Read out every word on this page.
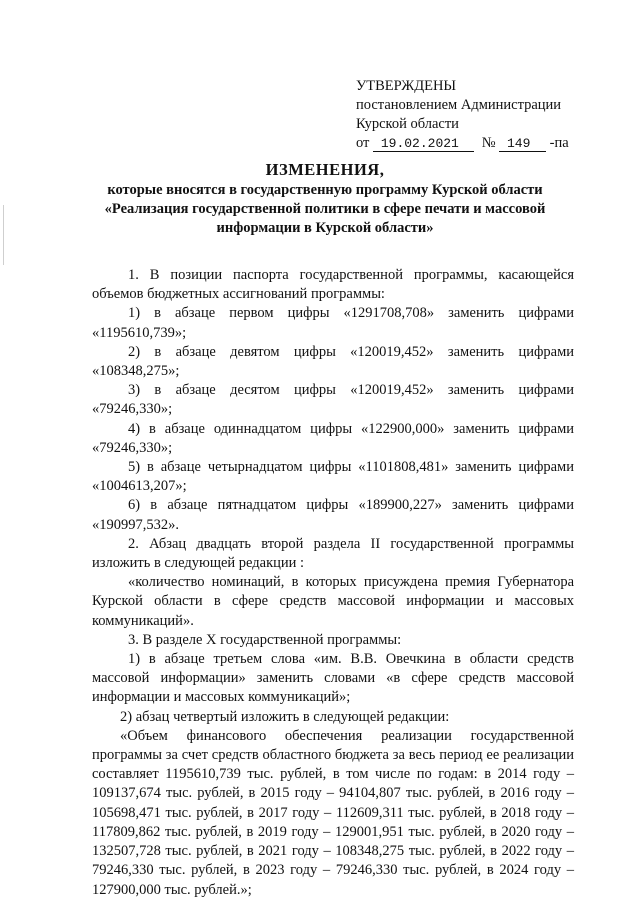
УТВЕРЖДЕНЫ
постановлением Администрации
Курской области
от 19.02.2021 № 149 -па
ИЗМЕНЕНИЯ,
которые вносятся в государственную программу Курской области
«Реализация государственной политики в сфере печати и массовой
информации в Курской области»

1. В позиции паспорта государственной программы, касающейся объемов бюджетных ассигнований программы:

1) в абзаце первом цифры «1291708,708» заменить цифрами

«1195610,739»;

2) в абзаце девятом цифры «120019,452» заменить цифрами

«108348,275»;

3) в абзаце десятом цифры «120019,452» заменить цифрами

«79246,330»;

4) в абзаце одиннадцатом цифры «122900,000» заменить цифрами

«79246,330»;

5) в абзаце четырнадцатом цифры «1101808,481» заменить цифрами

«1004613,207»;

6) в абзаце пятнадцатом цифры «189900,227» заменить цифрами

«190997,532».

2. Абзац двадцать второй раздела II государственной программы изложить в следующей редакции :

«количество номинаций, в которых присуждена премия Губернатора Курской области в сфере средств массовой информации и массовых коммуникаций».

3. В разделе X государственной программы:

1) в абзаце третьем слова «им. В.В. Овечкина в области средств массовой информации» заменить словами «в сфере средств массовой информации и массовых коммуникаций»;

2) абзац четвертый изложить в следующей редакции:

«Объем финансового обеспечения реализации государственной программы за счет средств областного бюджета за весь период ее реализации составляет 1195610,739 тыс. рублей, в том числе по годам: в 2014 году – 109137,674 тыс. рублей, в 2015 году – 94104,807 тыс. рублей, в 2016 году – 105698,471 тыс. рублей, в 2017 году – 112609,311 тыс. рублей, в 2018 году – 117809,862 тыс. рублей, в 2019 году – 129001,951 тыс. рублей, в 2020 году – 132507,728 тыс. рублей, в 2021 году – 108348,275 тыс. рублей, в 2022 году – 79246,330 тыс. рублей, в 2023 году – 79246,330 тыс. рублей, в 2024 году – 127900,000 тыс. рублей.»;
